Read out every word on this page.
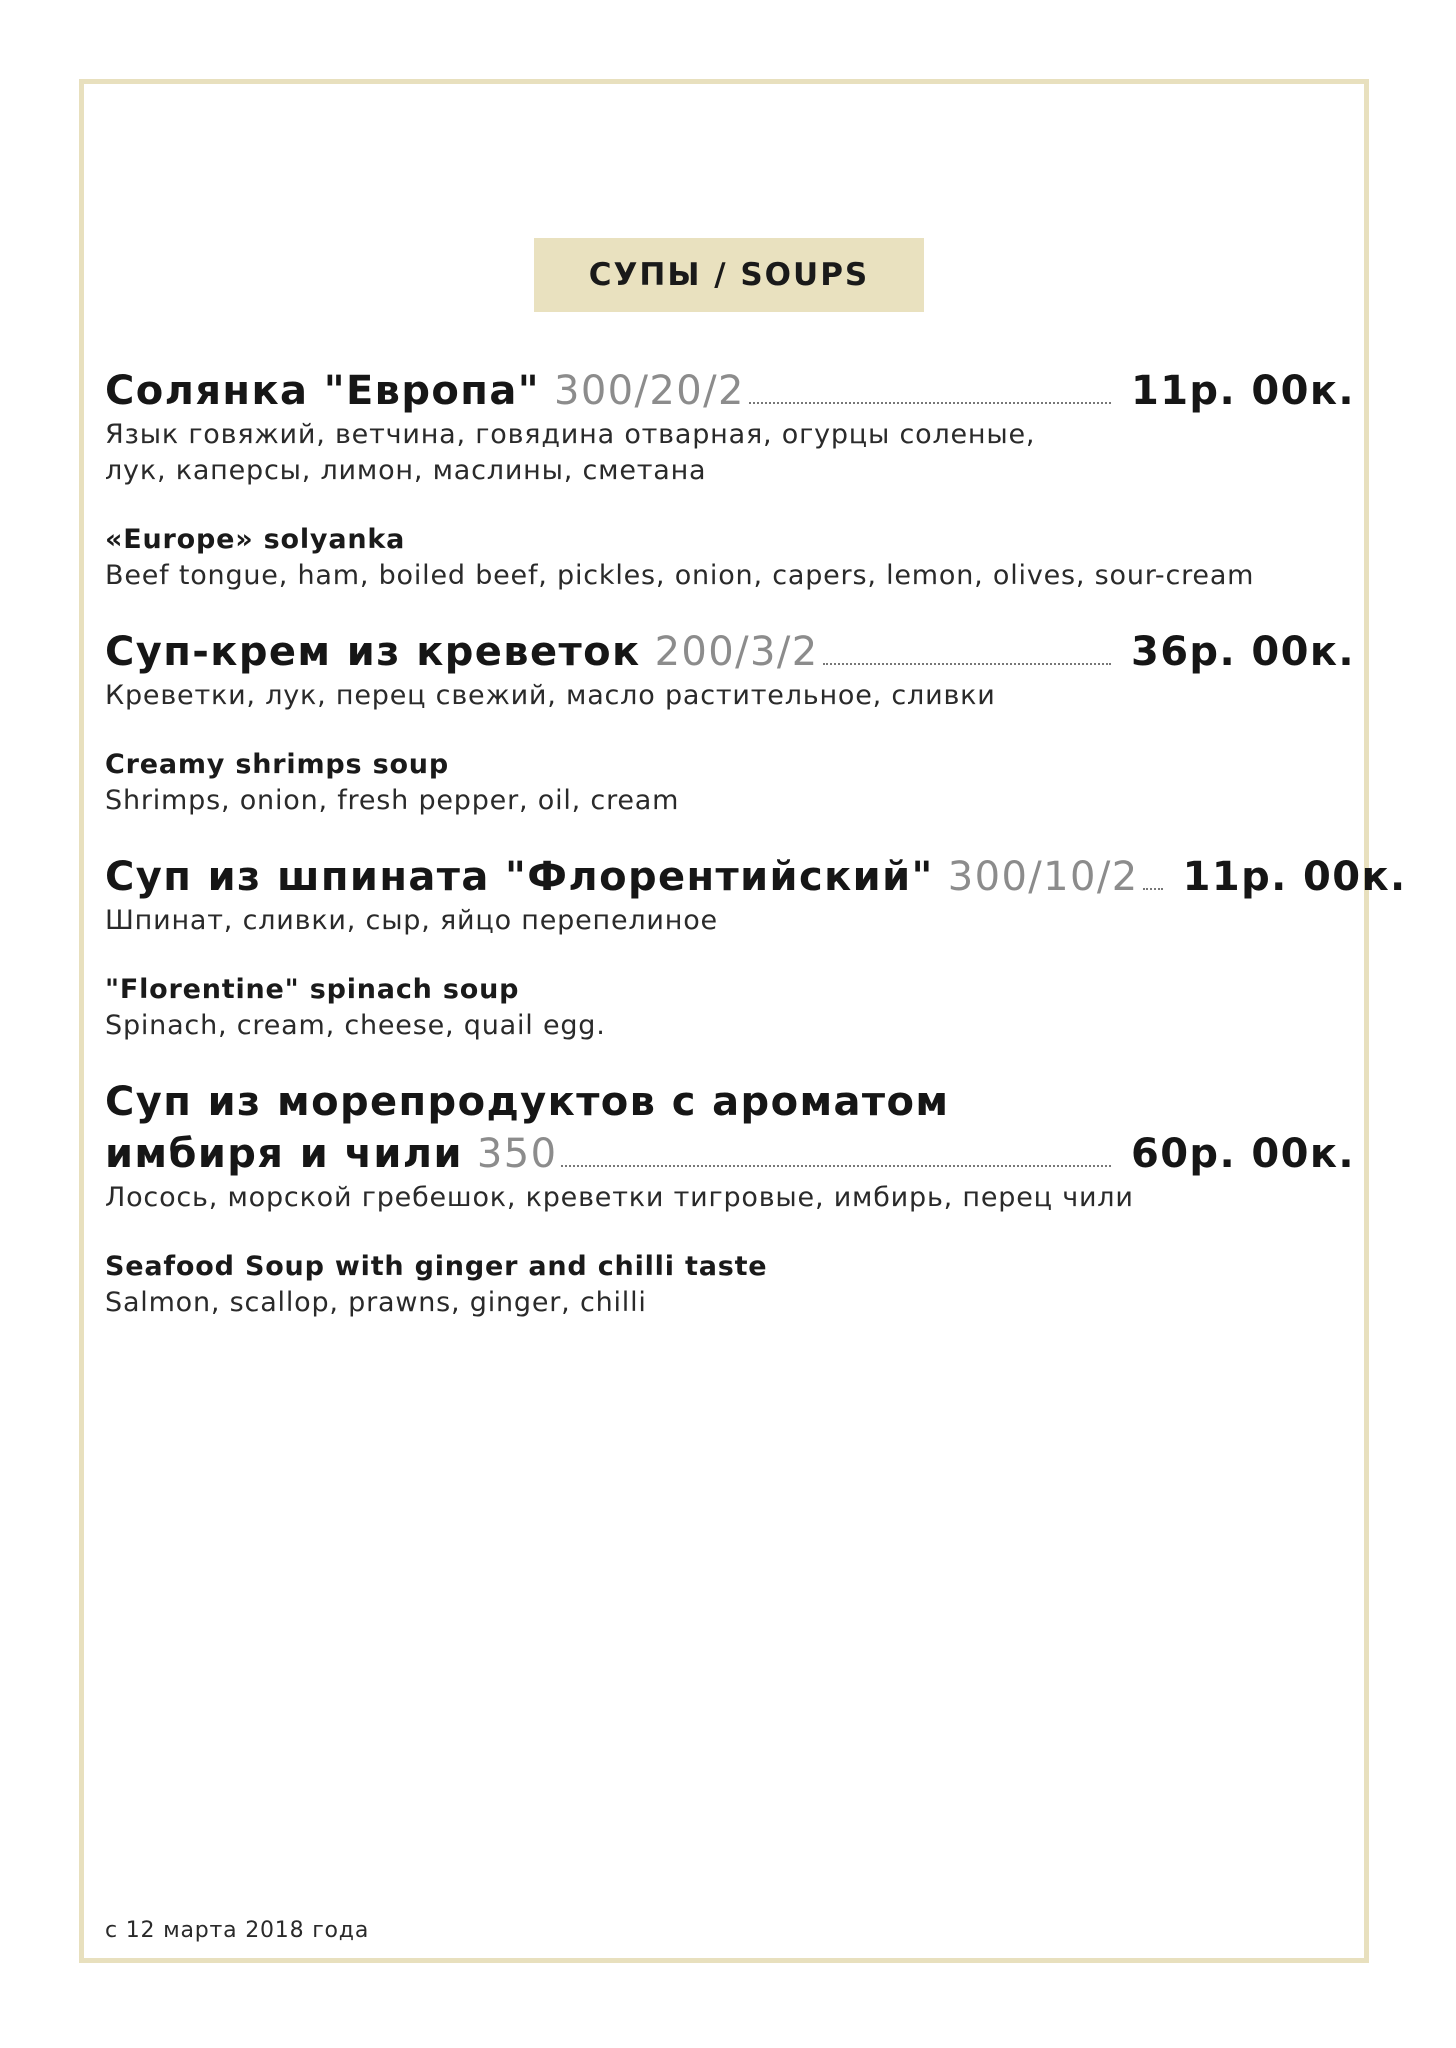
СУПЫ / SOUPS
Солянка "Европа" 300/20/2	11р. 00к.
Язык говяжий, ветчина, говядина отварная, огурцы соленые,
лук, каперсы, лимон, маслины, сметана
«Europe» solyanka
Beef tongue, ham, boiled beef, pickles, onion, capers, lemon, olives, sour-cream
Суп-крем из креветок 200/3/2	36р. 00к.
Креветки, лук, перец свежий, масло растительное, сливки
Creamy shrimps soup
Shrimps, onion, fresh pepper, oil, cream
Суп из шпината "Флорентийский" 300/10/2 11р. 00к.
Шпинат, сливки, сыр, яйцо перепелиное
"Florentine" spinach soup
Spinach, cream, cheese, quail egg.
Суп из морепродуктов с ароматом
имбиря и чили 350	60р. 00к.
Лосось, морской гребешок, креветки тигровые, имбирь, перец чили
Seafood Soup with ginger and chilli taste
Salmon, scallop, prawns, ginger, chilli
с 12 марта 2018 года
